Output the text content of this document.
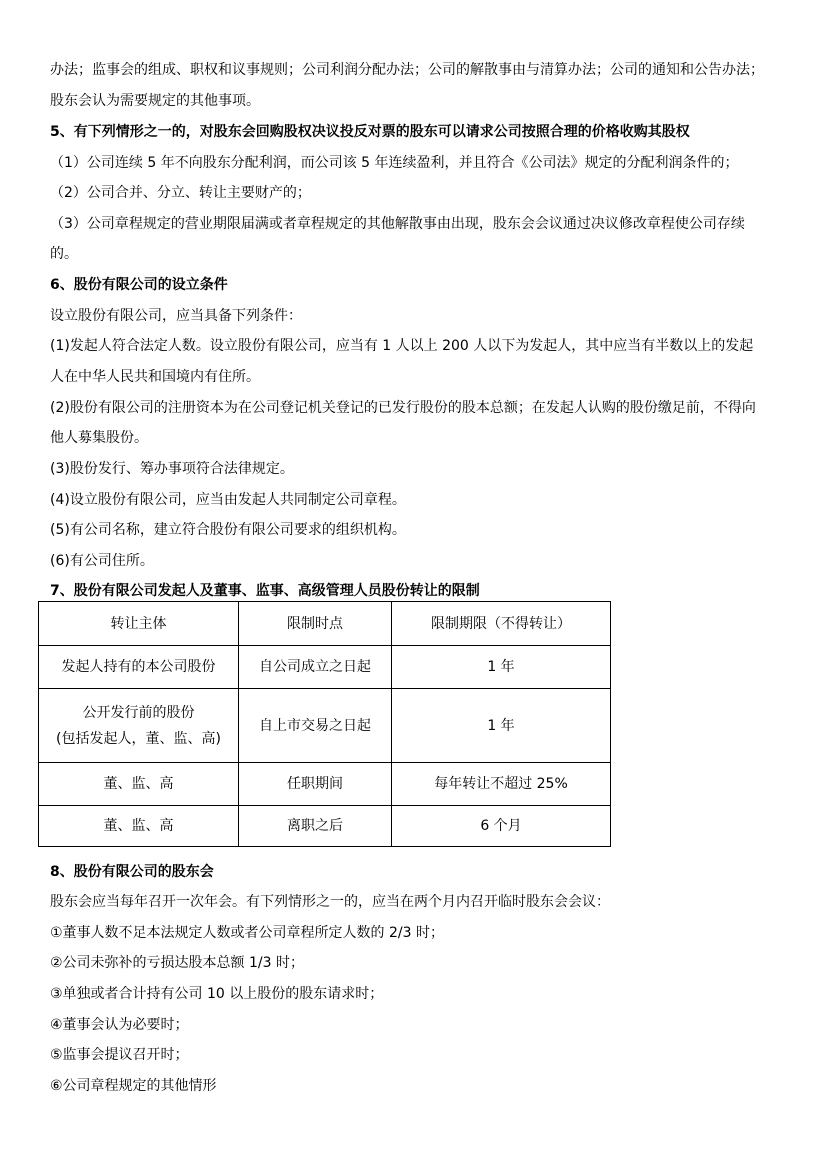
办法；监事会的组成、职权和议事规则；公司利润分配办法；公司的解散事由与清算办法；公司的通知和公告办法；
股东会认为需要规定的其他事项。
5、有下列情形之一的，对股东会回购股权决议投反对票的股东可以请求公司按照合理的价格收购其股权
（1）公司连续 5 年不向股东分配利润，而公司该 5 年连续盈利，并且符合《公司法》规定的分配利润条件的；
（2）公司合并、分立、转让主要财产的；
（3）公司章程规定的营业期限届满或者章程规定的其他解散事由出现，股东会会议通过决议修改章程使公司存续
的。
6、股份有限公司的设立条件
设立股份有限公司，应当具备下列条件：
(1)发起人符合法定人数。设立股份有限公司，应当有 1 人以上 200 人以下为发起人，其中应当有半数以上的发起
人在中华人民共和国境内有住所。
(2)股份有限公司的注册资本为在公司登记机关登记的已发行股份的股本总额；在发起人认购的股份缴足前，不得向
他人募集股份。
(3)股份发行、筹办事项符合法律规定。
(4)设立股份有限公司，应当由发起人共同制定公司章程。
(5)有公司名称，建立符合股份有限公司要求的组织机构。
(6)有公司住所。
7、股份有限公司发起人及董事、监事、高级管理人员股份转让的限制
转让主体	限制时点	限制期限（不得转让）
发起人持有的本公司股份	自公司成立之日起	1 年

公开发行前的股份
(包括发起人，董、监、高)	自上市交易之日起	1 年
董、监、高	任职期间	每年转让不超过 25%
董、监、高	离职之后	6 个月
8、股份有限公司的股东会
股东会应当每年召开一次年会。有下列情形之一的，应当在两个月内召开临时股东会会议：
①董事人数不足本法规定人数或者公司章程所定人数的 2/3 时；
②公司未弥补的亏损达股本总额 1/3 时；
③单独或者合计持有公司 10 以上股份的股东请求时；
④董事会认为必要时；
⑤监事会提议召开时；
⑥公司章程规定的其他情形
